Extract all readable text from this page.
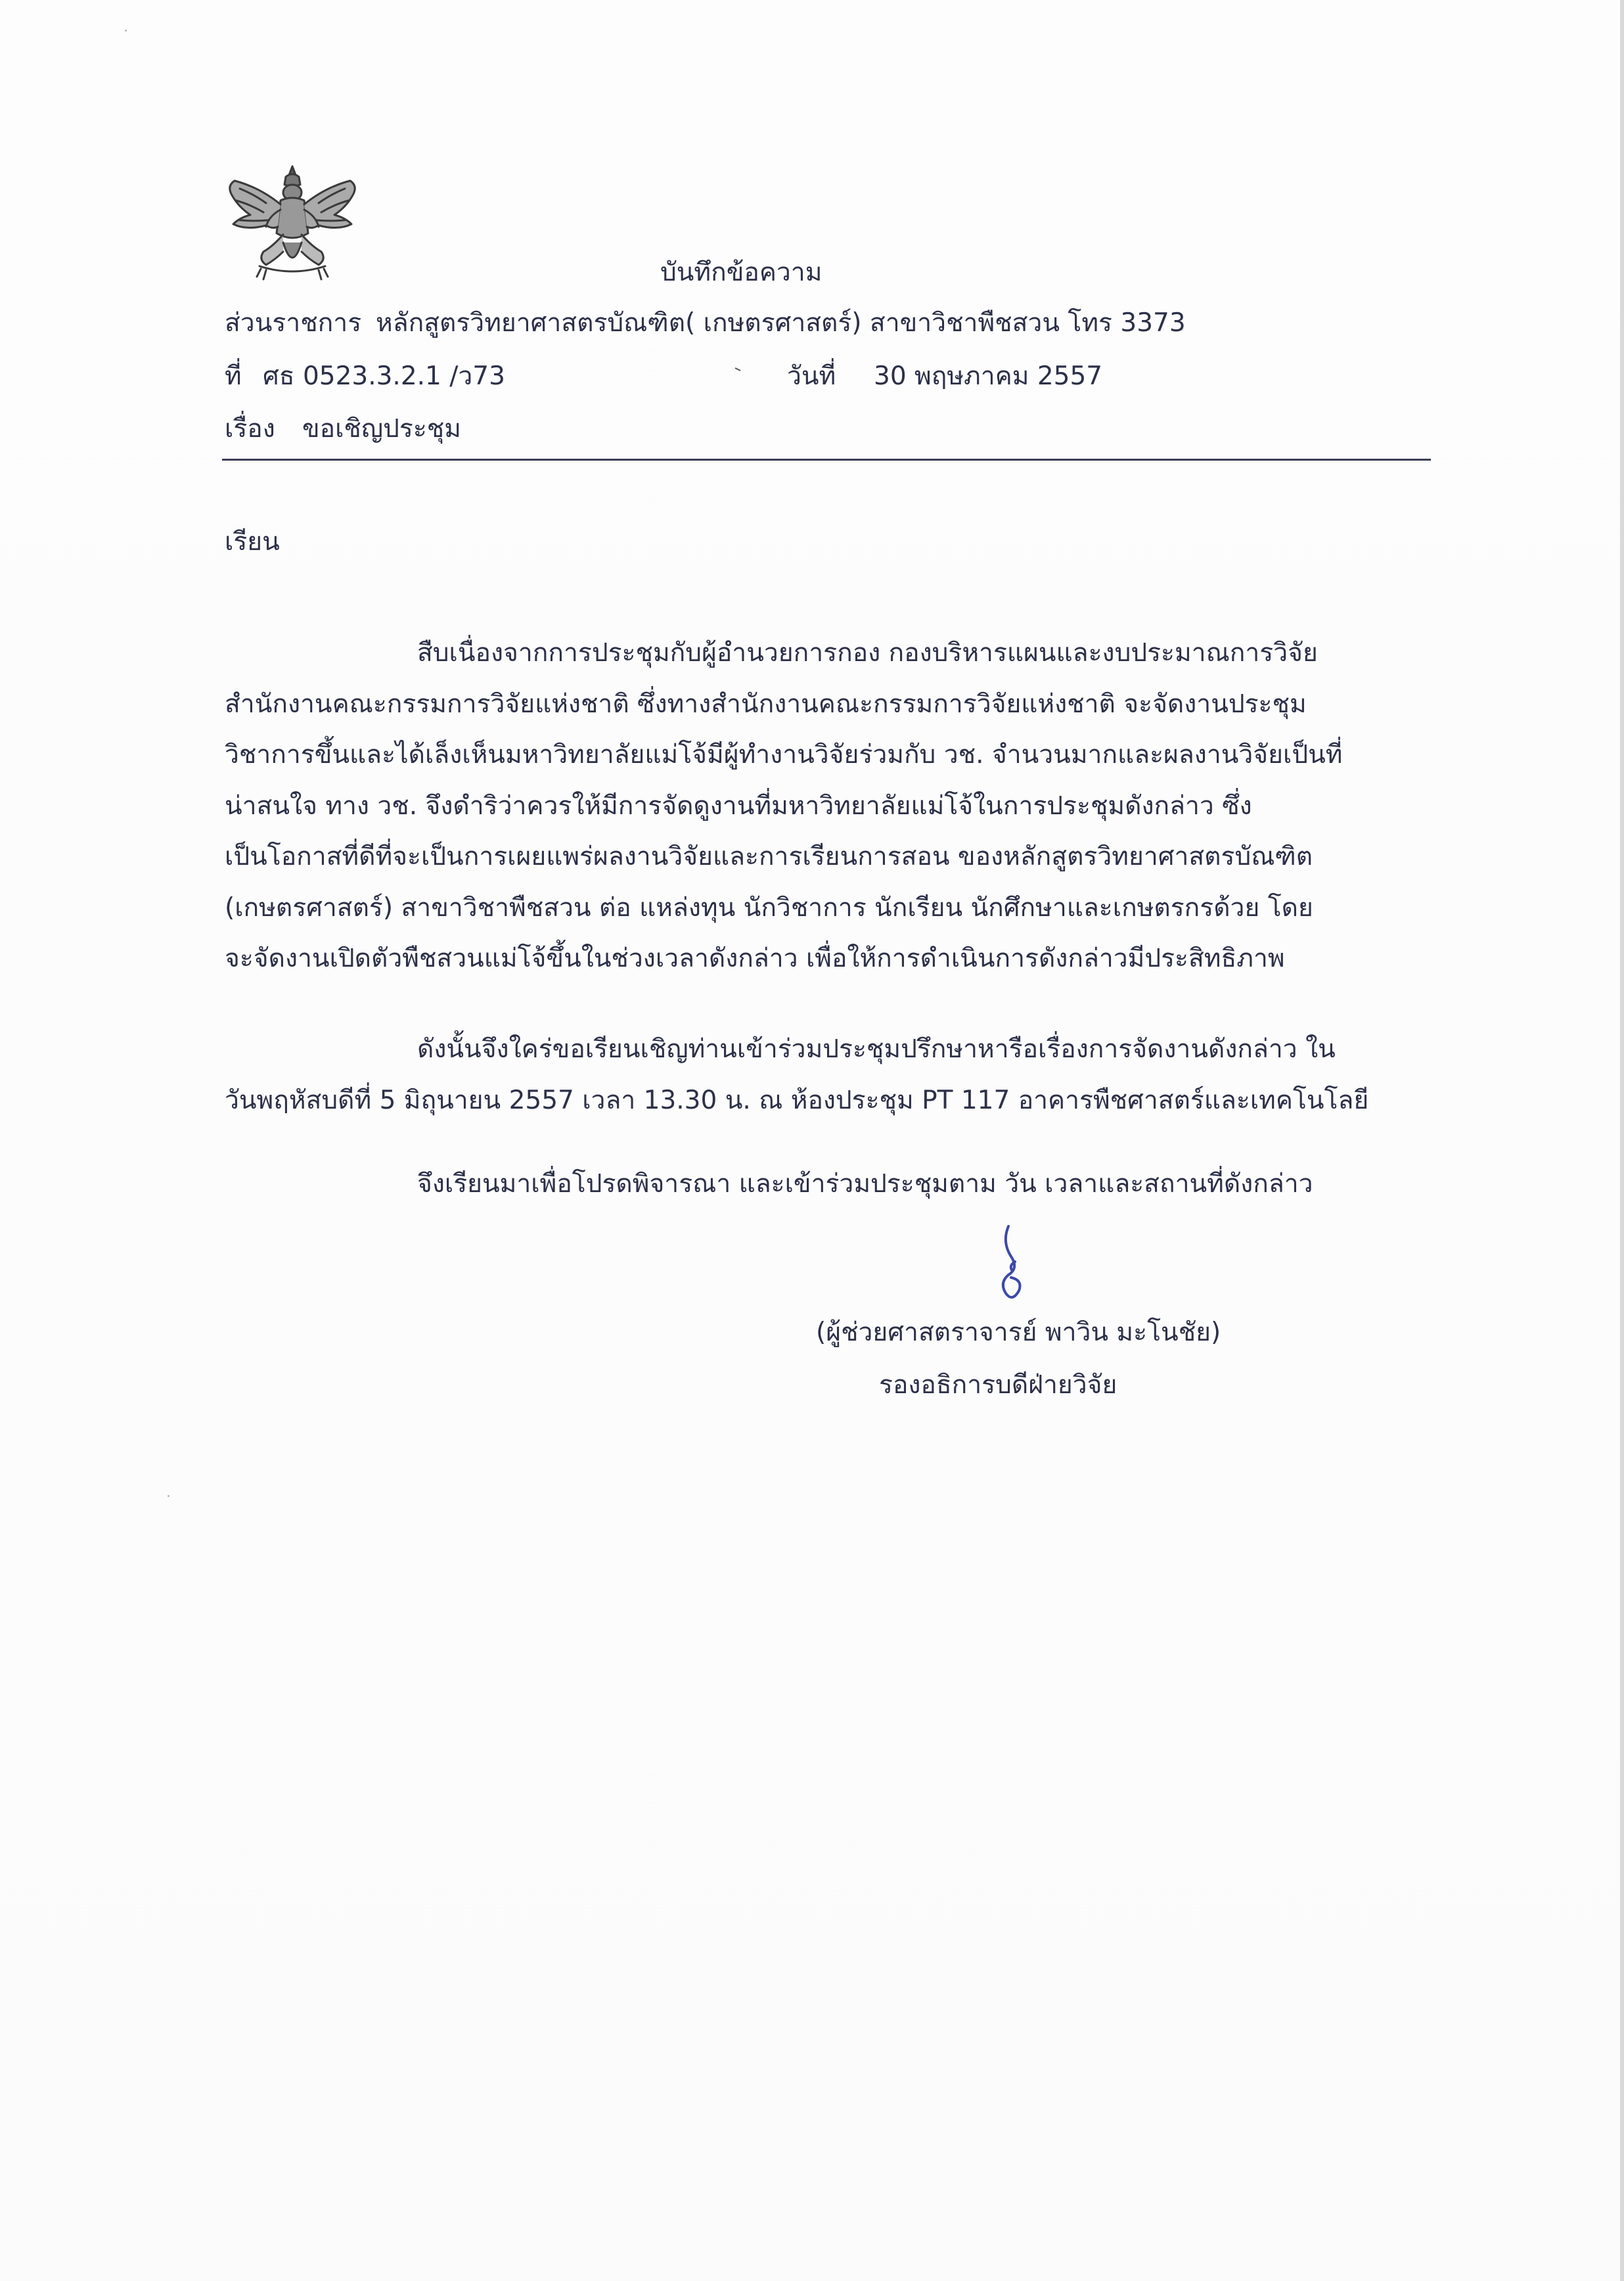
บันทึกข้อความ
ส่วนราชการ หลักสูตรวิทยาศาสตรบัณฑิต( เกษตรศาสตร์) สาขาวิชาพืชสวน โทร 3373
ที่ ศธ 0523.3.2.1 /ว73	วันที่ 30 พฤษภาคม 2557
เรื่อง ขอเชิญประชุม
เรียน
สืบเนื่องจากการประชุมกับผู้อำนวยการกอง กองบริหารแผนและงบประมาณการวิจัย
สำนักงานคณะกรรมการวิจัยแห่งชาติ ซึ่งทางสำนักงานคณะกรรมการวิจัยแห่งชาติ จะจัดงานประชุม
วิชาการขึ้นและได้เล็งเห็นมหาวิทยาลัยแม่โจ้มีผู้ทำงานวิจัยร่วมกับ วช. จำนวนมากและผลงานวิจัยเป็นที่
น่าสนใจ ทาง วช. จึงดำริว่าควรให้มีการจัดดูงานที่มหาวิทยาลัยแม่โจ้ในการประชุมดังกล่าว ซึ่ง
เป็นโอกาสที่ดีที่จะเป็นการเผยแพร่ผลงานวิจัยและการเรียนการสอน ของหลักสูตรวิทยาศาสตรบัณฑิต
(เกษตรศาสตร์) สาขาวิชาพืชสวน ต่อ แหล่งทุน นักวิชาการ นักเรียน นักศึกษาและเกษตรกรด้วย โดย
จะจัดงานเปิดตัวพืชสวนแม่โจ้ขึ้นในช่วงเวลาดังกล่าว เพื่อให้การดำเนินการดังกล่าวมีประสิทธิภาพ
ดังนั้นจึงใคร่ขอเรียนเชิญท่านเข้าร่วมประชุมปรึกษาหารือเรื่องการจัดงานดังกล่าว ใน
วันพฤหัสบดีที่ 5 มิถุนายน 2557 เวลา 13.30 น. ณ ห้องประชุม PT 117 อาคารพืชศาสตร์และเทคโนโลยี
จึงเรียนมาเพื่อโปรดพิจารณา และเข้าร่วมประชุมตาม วัน เวลาและสถานที่ดังกล่าว
(ผู้ช่วยศาสตราจารย์ พาวิน มะโนชัย)
รองอธิการบดีฝ่ายวิจัย
